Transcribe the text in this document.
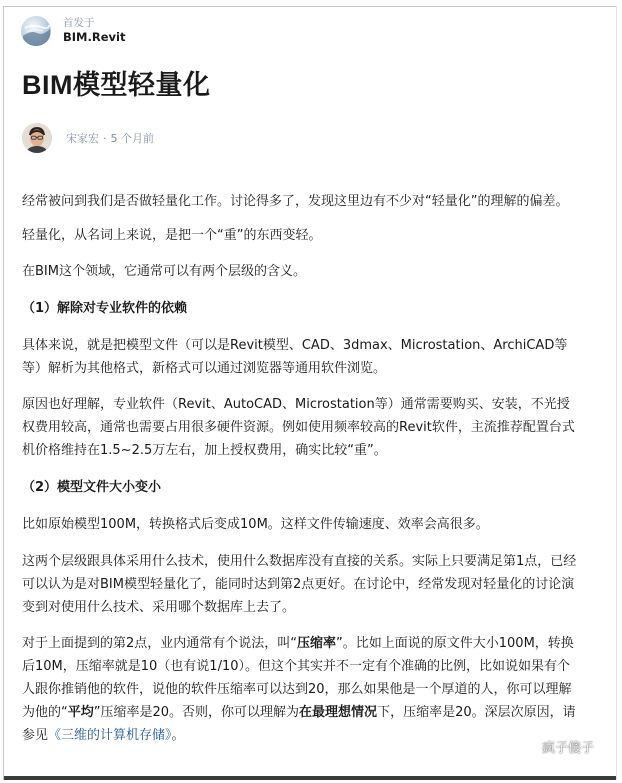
首发于
BIM.Revit
BIM模型轻量化
宋家宏 · 5 个月前

经常被问到我们是否做轻量化工作。讨论得多了，发现这里边有不少对“轻量化”的理解的偏差。

轻量化，从名词上来说，是把一个“重”的东西变轻。

在BIM这个领域，它通常可以有两个层级的含义。

（1）解除对专业软件的依赖

具体来说，就是把模型文件（可以是Revit模型、CAD、3dmax、Microstation、ArchiCAD等等）解析为其他格式，新格式可以通过浏览器等通用软件浏览。

原因也好理解，专业软件（Revit、AutoCAD、Microstation等）通常需要购买、安装，不光授权费用较高，通常也需要占用很多硬件资源。例如使用频率较高的Revit软件，主流推荐配置台式机价格维持在1.5~2.5万左右，加上授权费用，确实比较“重”。

（2）模型文件大小变小

比如原始模型100M，转换格式后变成10M。这样文件传输速度、效率会高很多。

这两个层级跟具体采用什么技术，使用什么数据库没有直接的关系。实际上只要满足第1点，已经可以认为是对BIM模型轻量化了，能同时达到第2点更好。在讨论中，经常发现对轻量化的讨论演变到对使用什么技术、采用哪个数据库上去了。

对于上面提到的第2点，业内通常有个说法，叫“压缩率”。比如上面说的原文件大小100M，转换后10M，压缩率就是10（也有说1/10）。但这个其实并不一定有个准确的比例，比如说如果有个人跟你推销他的软件，说他的软件压缩率可以达到20，那么如果他是一个厚道的人，你可以理解为他的“平均”压缩率是20。否则，你可以理解为在最理想情况下，压缩率是20。深层次原因，请参见《三维的计算机存储》。

疯子傻子
